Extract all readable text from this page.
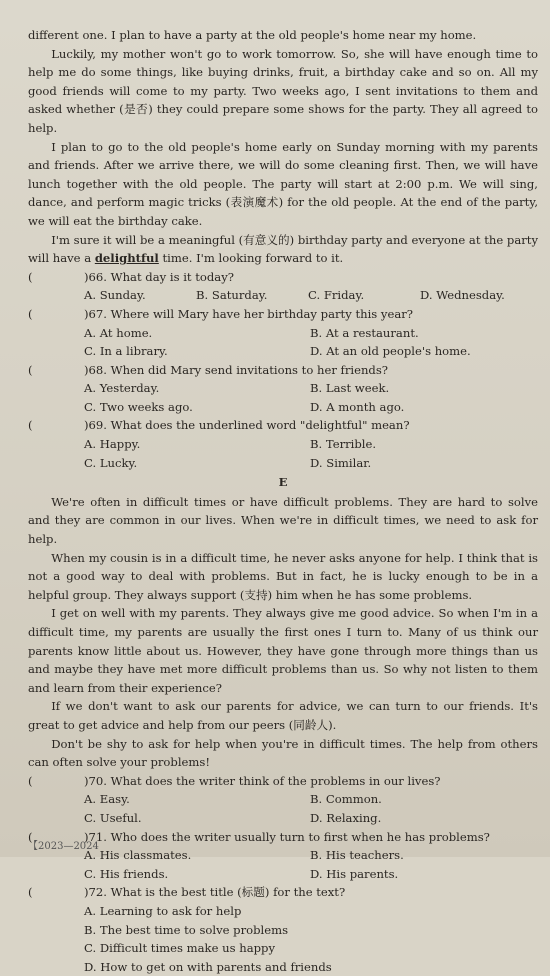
different one. I plan to have a party at the old people's home near my home.

Luckily, my mother won't go to work tomorrow. So, she will have enough time to help me do some things, like buying drinks, fruit, a birthday cake and so on. All my good friends will come to my party. Two weeks ago, I sent invitations to them and asked whether (是否) they could prepare some shows for the party. They all agreed to help.

I plan to go to the old people's home early on Sunday morning with my parents and friends. After we arrive there, we will do some cleaning first. Then, we will have lunch together with the old people. The party will start at 2:00 p.m. We will sing, dance, and perform magic tricks (表演魔术) for the old people. At the end of the party, we will eat the birthday cake.

I'm sure it will be a meaningful (有意义的) birthday party and everyone at the party will have a delightful time. I'm looking forward to it.

(	)66. What day is it today?
A. Sunday.	B. Saturday.	C. Friday.	D. Wednesday.
(	)67. Where will Mary have her birthday party this year?
A. At home.	B. At a restaurant.
C. In a library.	D. At an old people's home.
(	)68. When did Mary send invitations to her friends?
A. Yesterday.	B. Last week.
C. Two weeks ago.	D. A month ago.
(	)69. What does the underlined word "delightful" mean?
A. Happy.	B. Terrible.
C. Lucky.	D. Similar.
E

We're often in difficult times or have difficult problems. They are hard to solve and they are common in our lives. When we're in difficult times, we need to ask for help.

When my cousin is in a difficult time, he never asks anyone for help. I think that is not a good way to deal with problems. But in fact, he is lucky enough to be in a helpful group. They always support (支持) him when he has some problems.

I get on well with my parents. They always give me good advice. So when I'm in a difficult time, my parents are usually the first ones I turn to. Many of us think our parents know little about us. However, they have gone through more things than us and maybe they have met more difficult problems than us. So why not listen to them and learn from their experience?

If we don't want to ask our parents for advice, we can turn to our friends. It's great to get advice and help from our peers (同龄人).

Don't be shy to ask for help when you're in difficult times. The help from others can often solve your problems!

(	)70. What does the writer think of the problems in our lives?
A. Easy.	B. Common.
C. Useful.	D. Relaxing.
(	)71. Who does the writer usually turn to first when he has problems?
A. His classmates.	B. His teachers.
C. His friends.	D. His parents.
(	)72. What is the best title (标题) for the text?
A. Learning to ask for help
B. The best time to solve problems
C. Difficult times make us happy
D. How to get on with parents and friends
【2023—2024
